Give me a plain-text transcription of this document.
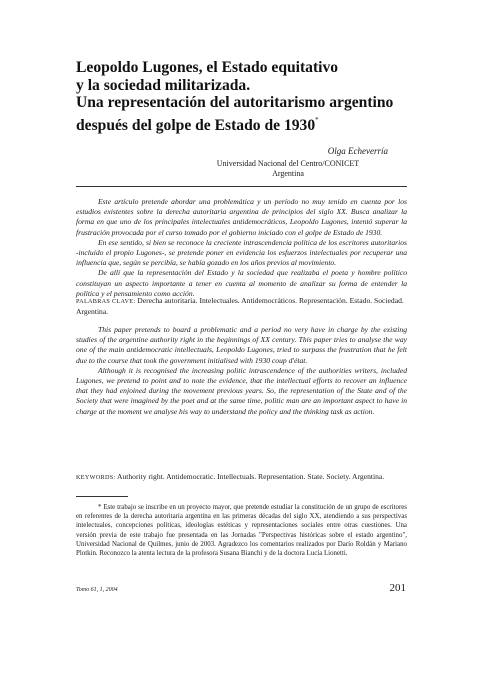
Leopoldo Lugones, el Estado equitativo
y la sociedad militarizada.
Una representación del autoritarismo argentino
después del golpe de Estado de 1930*
Olga Echeverría
Universidad Nacional del Centro/CONICET
Argentina

Este artículo pretende abordar una problemática y un período no muy tenido en cuenta por los estudios existentes sobre la derecha autoritaria argentina de principios del siglo XX. Busca analizar la forma en que uno de los principales intelectuales antidemocráticos, Leopoldo Lugones, intentó superar la frustración provocada por el curso tomado por el gobierno iniciado con el golpe de Estado de 1930.

En ese sentido, si bien se reconoce la creciente intrascendencia política de los escritores autoritarios -incluido el propio Lugones-, se pretende poner en evidencia los esfuerzos intelectuales por recuperar una influencia que, según se percibía, se había gozado en los años previos al movimiento.

De allí que la representación del Estado y la sociedad que realizaba el poeta y hombre político constituyan un aspecto importante a tener en cuenta al momento de analizar su forma de entender la política y el pensamiento como acción.

PALABRAS CLAVE: Derecha autoritaria. Intelectuales. Antidemocráticos. Representación. Estado. Sociedad. Argentina.

This paper pretends to board a problematic and a period no very have in charge by the existing studies of the argentine authority right in the beginnings of XX century. This paper tries to analyse the way one of the main antidemocratic intellectuals, Leopoldo Lugones, tried to surpass the frustration that he felt due to the course that took the government initialised with 1930 coup d'état.

Although it is recognised the increasing politic intrascendence of the authorities writers, included Lugones, we pretend to point and to note the evidence, that the intellectual efforts to recover an influence that they had enjoined during the movement previous years. So, the representation of the State and of the Society that were imagined by the poet and at the same time, politic man are an important aspect to have in charge at the moment we analyse his way to understand the policy and the thinking task as action.

KEYWORDS: Authority right. Antidemocratic. Intellectuals. Representation. State. Society. Argentina.
* Este trabajo se inscribe en un proyecto mayor, que pretende estudiar la constitución de un grupo de escritores en referentes de la derecha autoritaria argentina en las primeras décadas del siglo XX, atendiendo a sus perspectivas intelectuales, concepciones políticas, ideologías estéticas y representaciones sociales entre otras cuestiones. Una versión previa de este trabajo fue presentada en las Jornadas "Perspectivas históricas sobre el estado argentino", Universidad Nacional de Quilmes, junio de 2003. Agradezco los comentarios realizados por Darío Roldán y Mariano Plotkin. Reconozco la atenta lectura de la profesora Susana Bianchi y de la doctora Lucía Lionetti.
Tomo 61, 1, 2004	201
